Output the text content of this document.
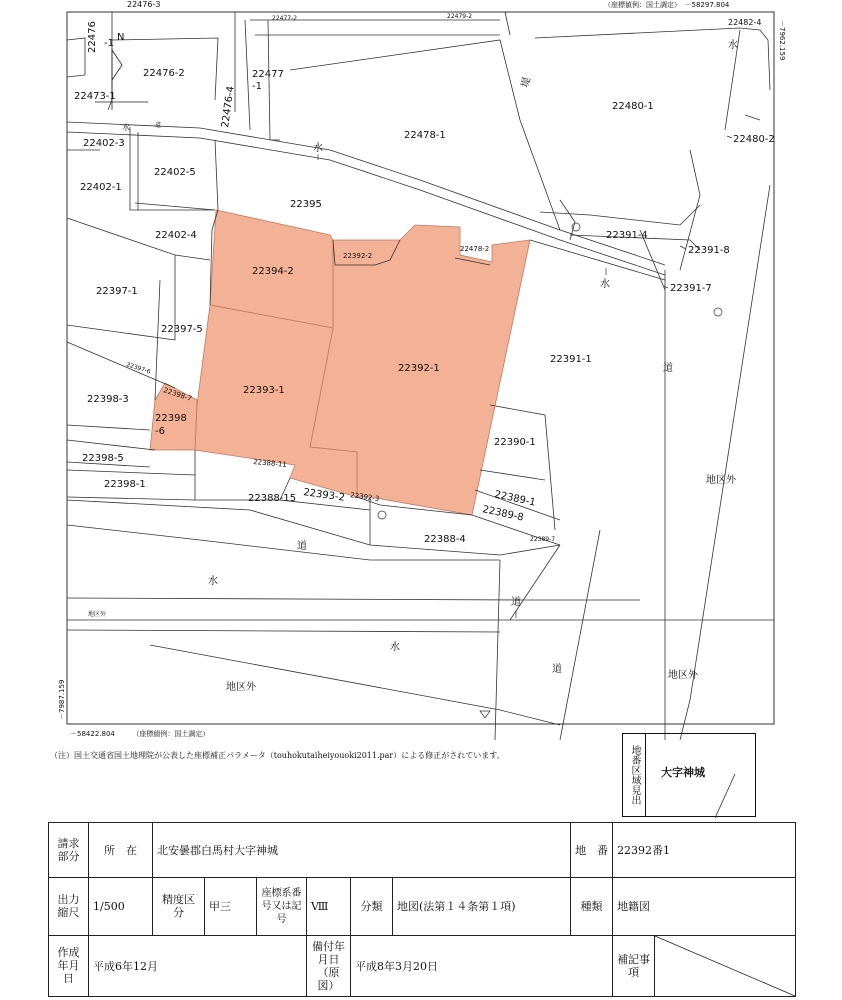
N
（座標値例：国土調定）　－58297.804
－58422.804　　　（座標値例：国土調定）
－7962.159
－7987.159
22476-3
22476 -1
22476-2
22476-4
22477
-1
22477-2	22479-2
22482-4
22473-1
22480-1
22480-2
22478-1
22402-3
22402-5
22402-1
22395
22402-4	22391-4
22391-8
22478-2
22392-2
22394-2
22391-7
22397-1
22397-5
22392-1
22391-1
22397-6
22393-1
22398-3	22398-7
22398
-6
22390-1
22398-5	22388-11
22398-1
22389-1
22388-15 22393-2 22392-3
22389-8
22389-7
22388-4
水
水
水
水
水
水
堤
道
道
道
道
道
地区外
地区外
地区外
地区外
（注）国土交通省国土地理院が公表した座標補正パラメータ（touhokutaiheiyouoki2011.par）による修正がされています。	地番区域見出	大字神城
請求部分	所　在	北安曇郡白馬村大字神城						地　番	22392番1	
出力縮尺	1/500	精度区分	甲三	座標系番号又は記号	Ⅷ	分類	地図(法第１４条第１項)	種類	地籍図	
作成年月日	平成6年12月				備付年月日（原図）	平成8年3月20日			補記事項	
